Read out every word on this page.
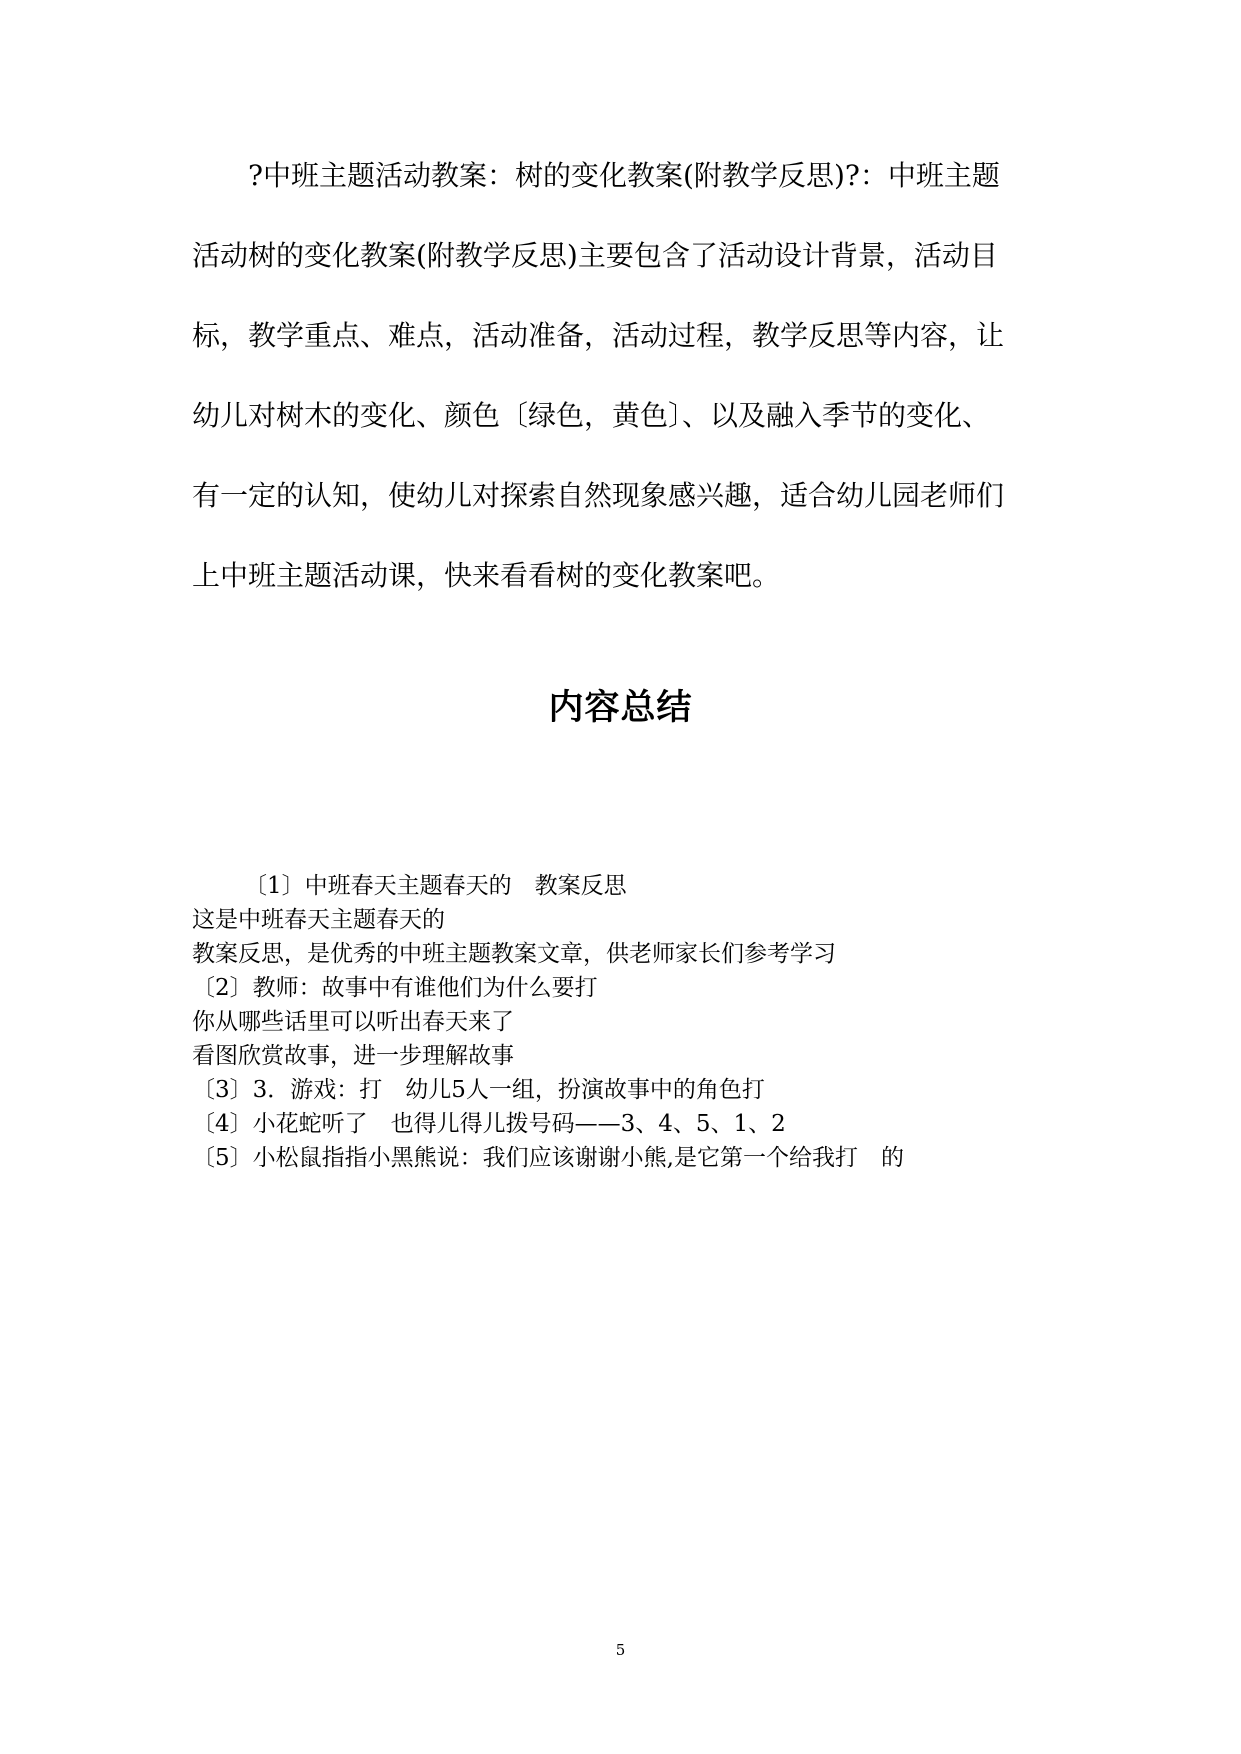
?中班主题活动教案：树的变化教案(附教学反思)?：中班主题
活动树的变化教案(附教学反思)主要包含了活动设计背景，活动目
标，教学重点、难点，活动准备，活动过程，教学反思等内容，让
幼儿对树木的变化、颜色〔绿色，黄色〕、以及融入季节的变化、
有一定的认知，使幼儿对探索自然现象感兴趣，适合幼儿园老师们
上中班主题活动课，快来看看树的变化教案吧。
内容总结
〔1〕中班春天主题春天的　教案反思
这是中班春天主题春天的
教案反思，是优秀的中班主题教案文章，供老师家长们参考学习
〔2〕教师：故事中有谁他们为什么要打
你从哪些话里可以听出春天来了
看图欣赏故事，进一步理解故事
〔3〕3．游戏：打　幼儿5人一组，扮演故事中的角色打
〔4〕小花蛇听了　也得儿得儿拨号码——3、4、5、1、2
〔5〕小松鼠指指小黑熊说：我们应该谢谢小熊,是它第一个给我打　的
5
